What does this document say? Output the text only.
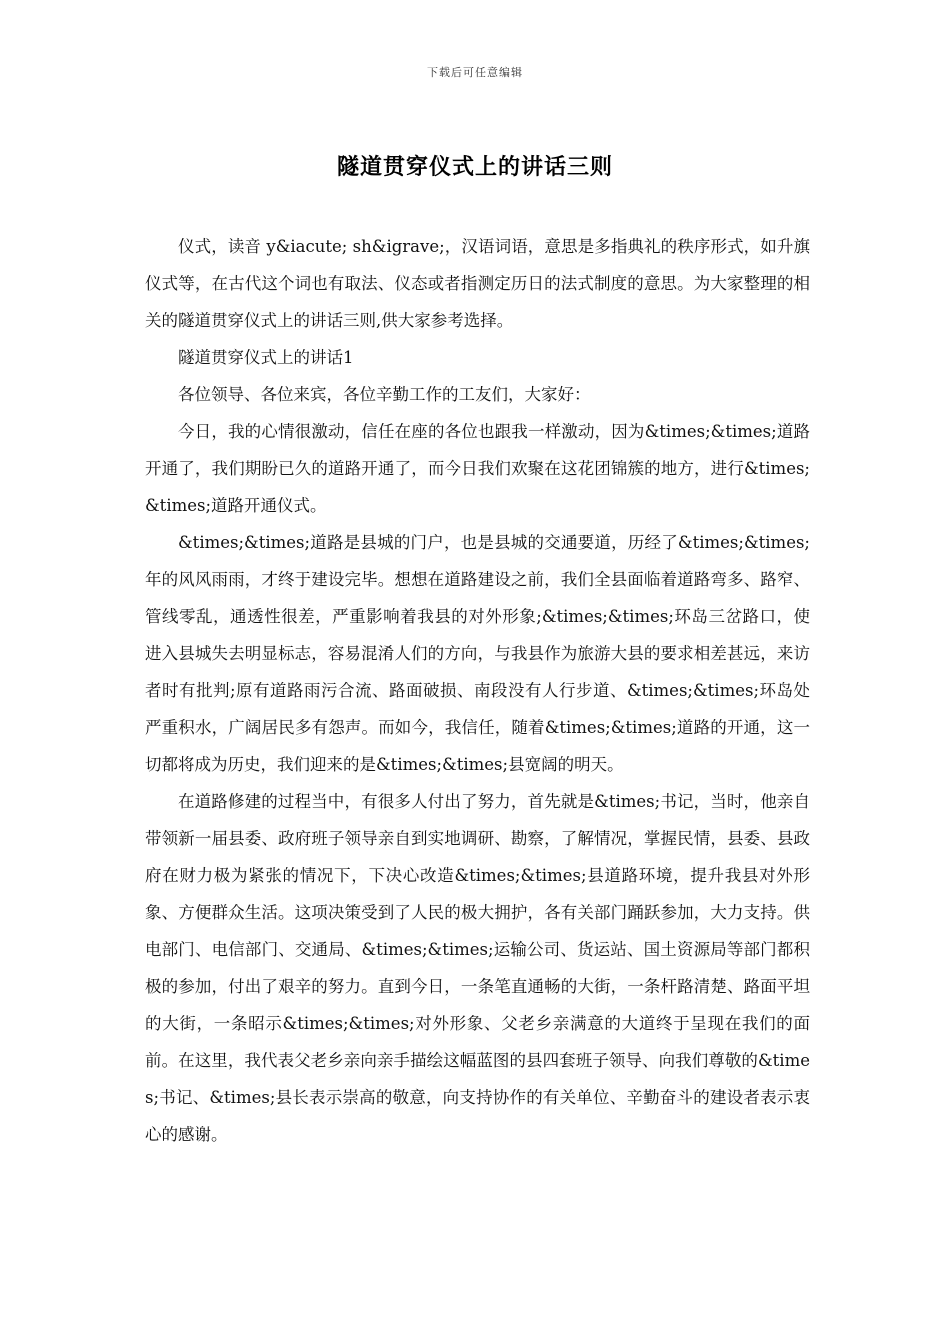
下载后可任意编辑
隧道贯穿仪式上的讲话三则

仪式，读音 y&iacute; sh&igrave;，汉语词语，意思是多指典礼的秩序形式，如升旗仪式等，在古代这个词也有取法、仪态或者指测定历日的法式制度的意思。为大家整理的相关的隧道贯穿仪式上的讲话三则,供大家参考选择。

隧道贯穿仪式上的讲话1

各位领导、各位来宾，各位辛勤工作的工友们，大家好：

今日，我的心情很激动，信任在座的各位也跟我一样激动，因为&times;&times;道路开通了，我们期盼已久的道路开通了，而今日我们欢聚在这花团锦簇的地方，进行&times;&times;道路开通仪式。

&times;&times;道路是县城的门户，也是县城的交通要道，历经了&times;&times;年的风风雨雨，才终于建设完毕。想想在道路建设之前，我们全县面临着道路弯多、路窄、管线零乱，通透性很差，严重影响着我县的对外形象;&times;&times;环岛三岔路口，使进入县城失去明显标志，容易混淆人们的方向，与我县作为旅游大县的要求相差甚远，来访者时有批判;原有道路雨污合流、路面破损、南段没有人行步道、&times;&times;环岛处严重积水，广阔居民多有怨声。而如今，我信任，随着&times;&times;道路的开通，这一切都将成为历史，我们迎来的是&times;&times;县宽阔的明天。

在道路修建的过程当中，有很多人付出了努力，首先就是&times;书记，当时，他亲自带领新一届县委、政府班子领导亲自到实地调研、勘察，了解情况，掌握民情，县委、县政府在财力极为紧张的情况下，下决心改造&times;&times;县道路环境，提升我县对外形象、方便群众生活。这项决策受到了人民的极大拥护，各有关部门踊跃参加，大力支持。供电部门、电信部门、交通局、&times;&times;运输公司、货运站、国土资源局等部门都积极的参加，付出了艰辛的努力。直到今日，一条笔直通畅的大街，一条杆路清楚、路面平坦的大街，一条昭示&times;&times;对外形象、父老乡亲满意的大道终于呈现在我们的面前。在这里，我代表父老乡亲向亲手描绘这幅蓝图的县四套班子领导、向我们尊敬的&times;书记、&times;县长表示崇高的敬意，向支持协作的有关单位、辛勤奋斗的建设者表示衷心的感谢。
